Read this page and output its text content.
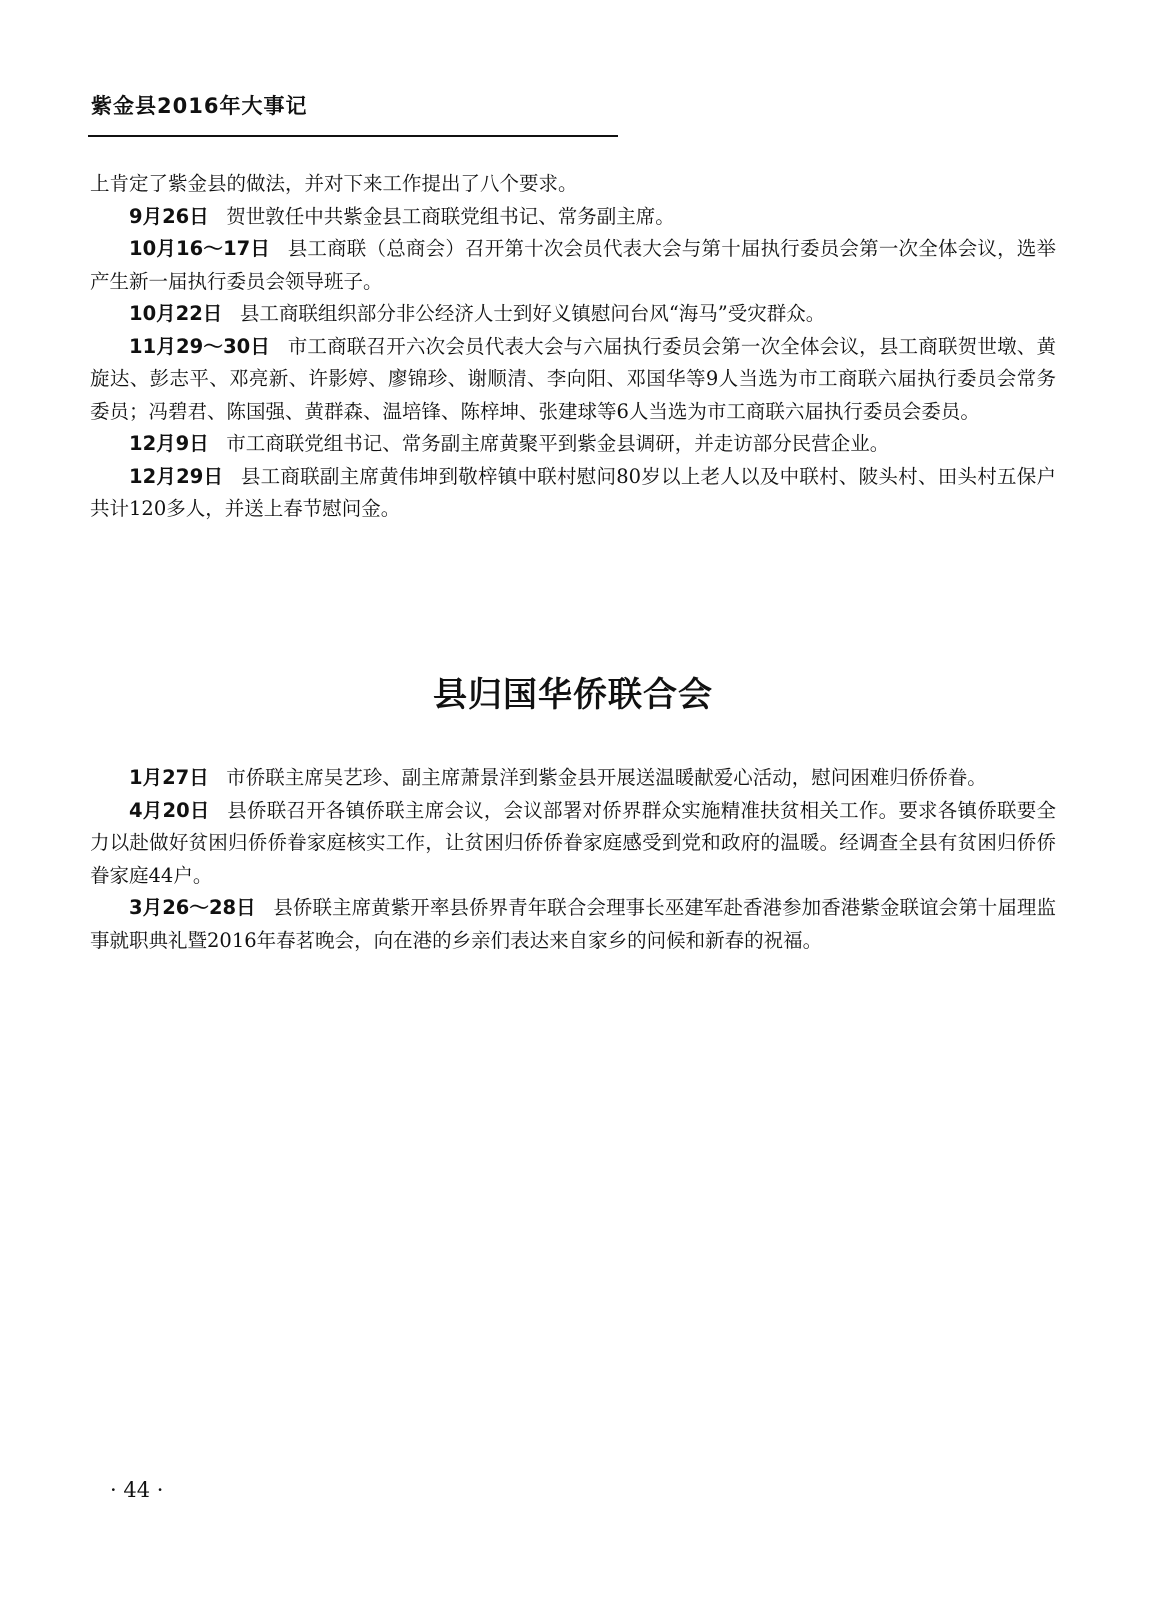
紫金县2016年大事记

上肯定了紫金县的做法，并对下来工作提出了八个要求。

9月26日 贺世敦任中共紫金县工商联党组书记、常务副主席。

10月16～17日 县工商联（总商会）召开第十次会员代表大会与第十届执行委员会第一次全体会议，选举产生新一届执行委员会领导班子。

10月22日 县工商联组织部分非公经济人士到好义镇慰问台风“海马”受灾群众。

11月29～30日 市工商联召开六次会员代表大会与六届执行委员会第一次全体会议，县工商联贺世墩、黄旋达、彭志平、邓亮新、许影婷、廖锦珍、谢顺清、李向阳、邓国华等9人当选为市工商联六届执行委员会常务委员；冯碧君、陈国强、黄群森、温培锋、陈梓坤、张建球等6人当选为市工商联六届执行委员会委员。

12月9日 市工商联党组书记、常务副主席黄聚平到紫金县调研，并走访部分民营企业。

12月29日 县工商联副主席黄伟坤到敬梓镇中联村慰问80岁以上老人以及中联村、陂头村、田头村五保户共计120多人，并送上春节慰问金。

县归国华侨联合会

1月27日 市侨联主席吴艺珍、副主席萧景洋到紫金县开展送温暖献爱心活动，慰问困难归侨侨眷。

4月20日 县侨联召开各镇侨联主席会议，会议部署对侨界群众实施精准扶贫相关工作。要求各镇侨联要全力以赴做好贫困归侨侨眷家庭核实工作，让贫困归侨侨眷家庭感受到党和政府的温暖。经调查全县有贫困归侨侨眷家庭44户。

3月26～28日 县侨联主席黄紫开率县侨界青年联合会理事长巫建军赴香港参加香港紫金联谊会第十届理监事就职典礼暨2016年春茗晚会，向在港的乡亲们表达来自家乡的问候和新春的祝福。

· 44 ·
